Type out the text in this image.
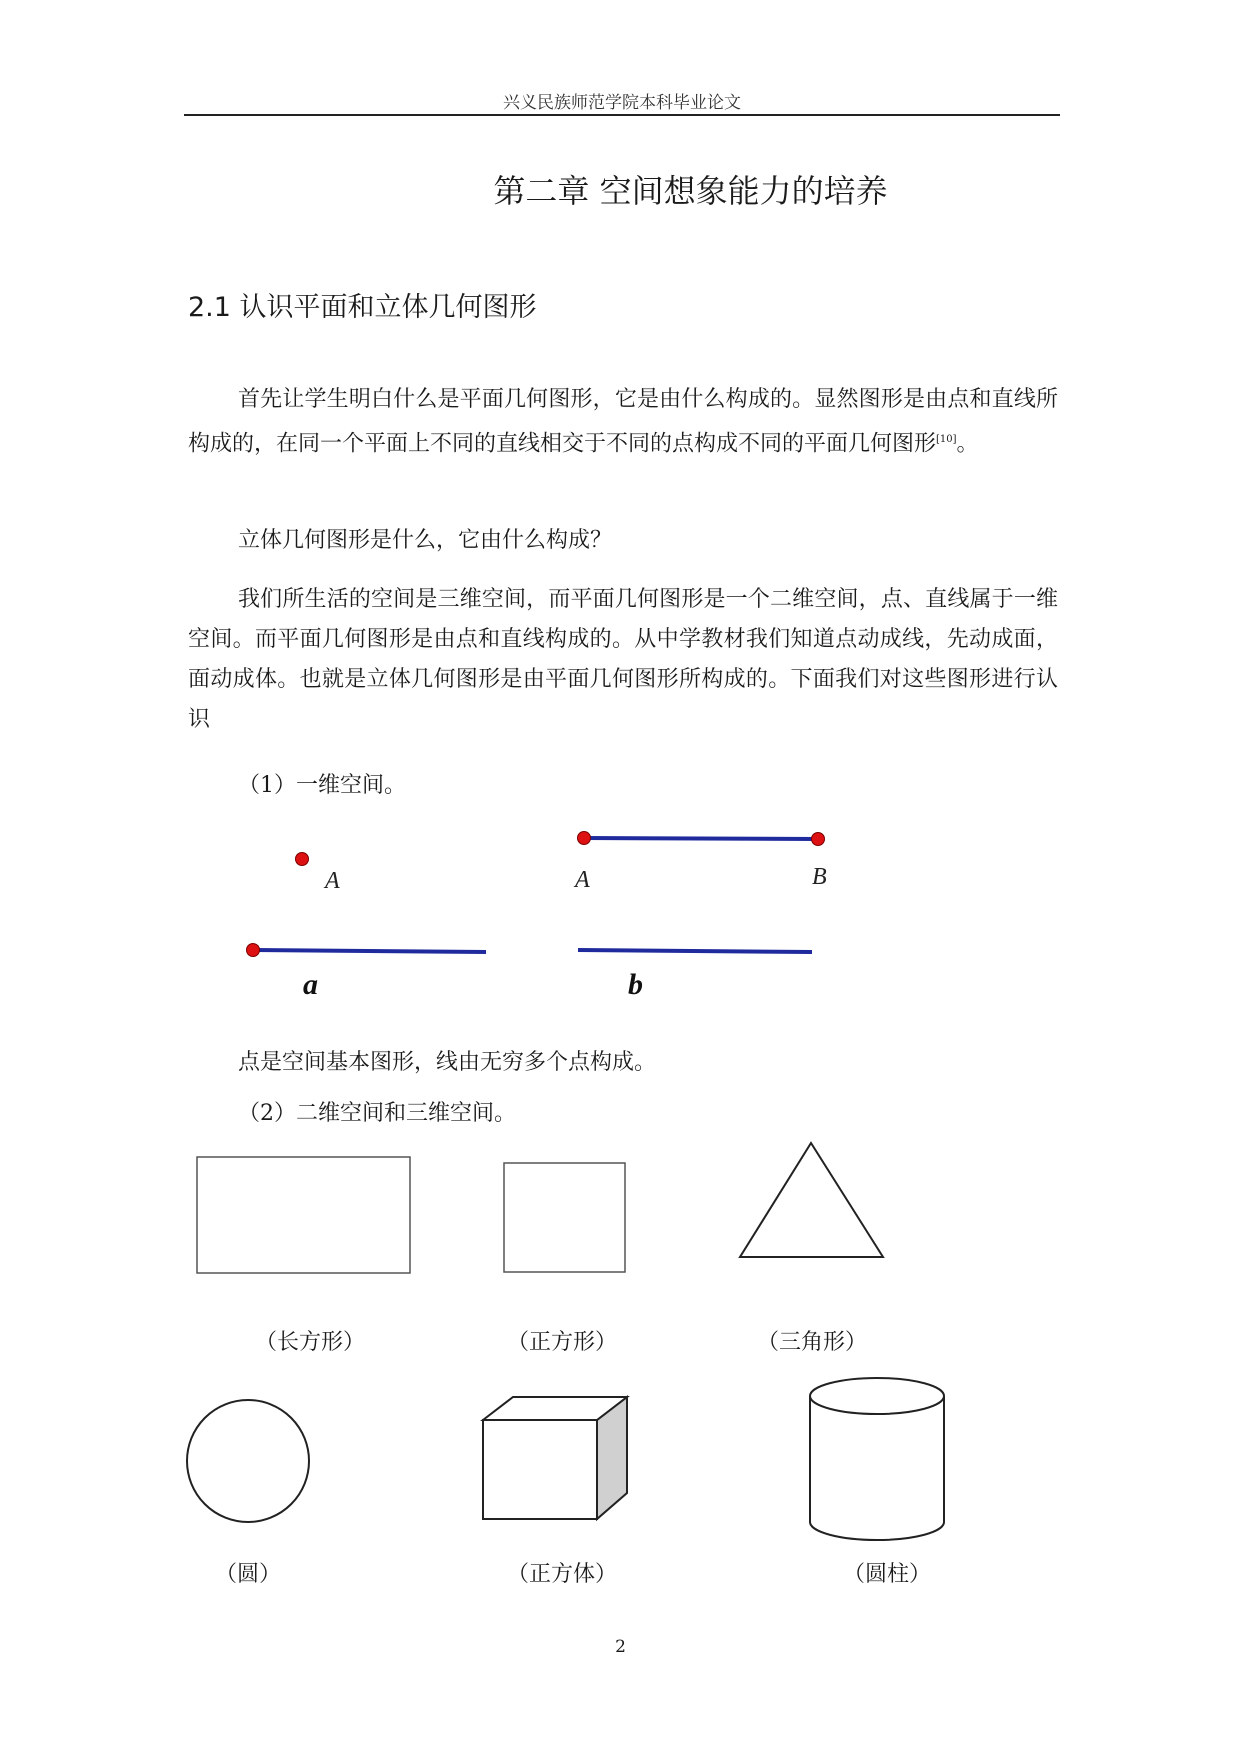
兴义民族师范学院本科毕业论文
第二章 空间想象能力的培养
2.1 认识平面和立体几何图形

首先让学生明白什么是平面几何图形，它是由什么构成的。显然图形是由点和直线所构成的，在同一个平面上不同的直线相交于不同的点构成不同的平面几何图形[10]。

立体几何图形是什么，它由什么构成？

我们所生活的空间是三维空间，而平面几何图形是一个二维空间，点、直线属于一维空间。而平面几何图形是由点和直线构成的。从中学教材我们知道点动成线，先动成面，面动成体。也就是立体几何图形是由平面几何图形所构成的。下面我们对这些图形进行认识

（1）一维空间。
A	A	B
a	b
点是空间基本图形，线由无穷多个点构成。
（2）二维空间和三维空间。
（长方形）	（正方形）	（三角形）
（圆）	（正方体）	（圆柱）
2
